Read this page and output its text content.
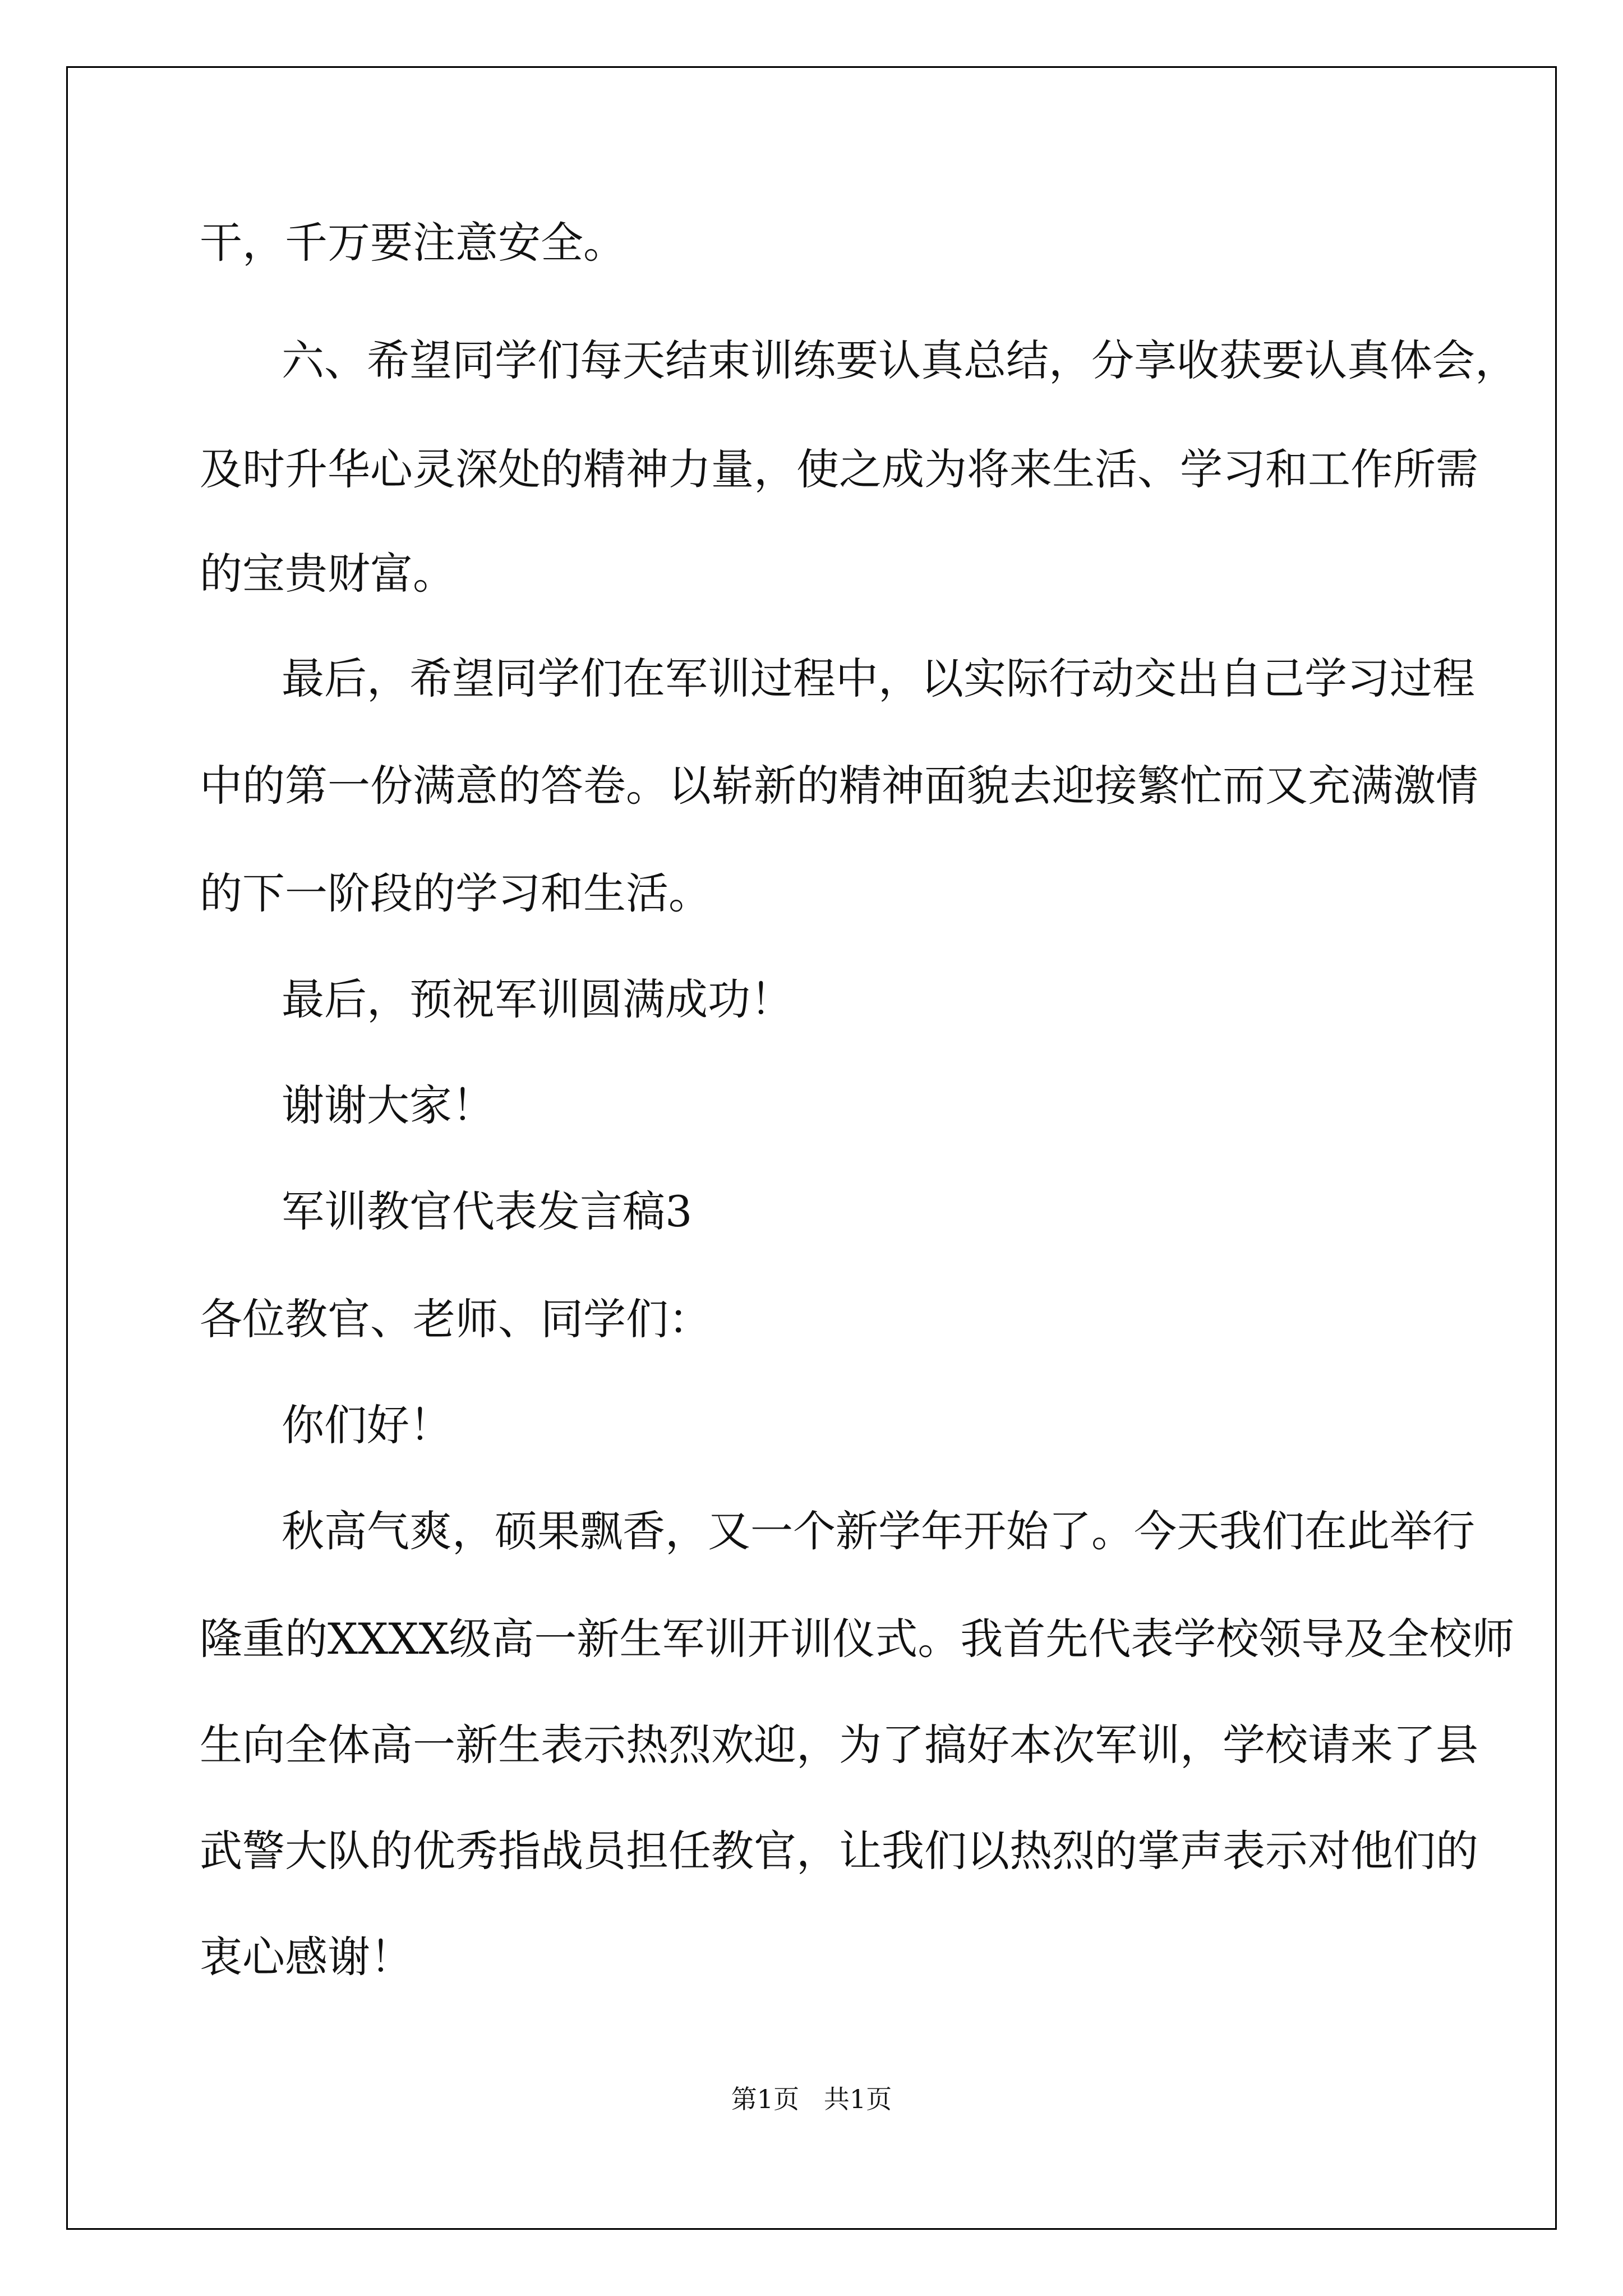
干，千万要注意安全。

六、希望同学们每天结束训练要认真总结，分享收获要认真体会，

及时升华心灵深处的精神力量，使之成为将来生活、学习和工作所需

的宝贵财富。

最后，希望同学们在军训过程中，以实际行动交出自己学习过程

中的第一份满意的答卷。以崭新的精神面貌去迎接繁忙而又充满激情

的下一阶段的学习和生活。

最后，预祝军训圆满成功！

谢谢大家！

军训教官代表发言稿3

各位教官、老师、同学们：

你们好！

秋高气爽，硕果飘香，又一个新学年开始了。今天我们在此举行

隆重的XXXX级高一新生军训开训仪式。我首先代表学校领导及全校师

生向全体高一新生表示热烈欢迎，为了搞好本次军训，学校请来了县

武警大队的优秀指战员担任教官，让我们以热烈的掌声表示对他们的

衷心感谢！

第1页   共1页
